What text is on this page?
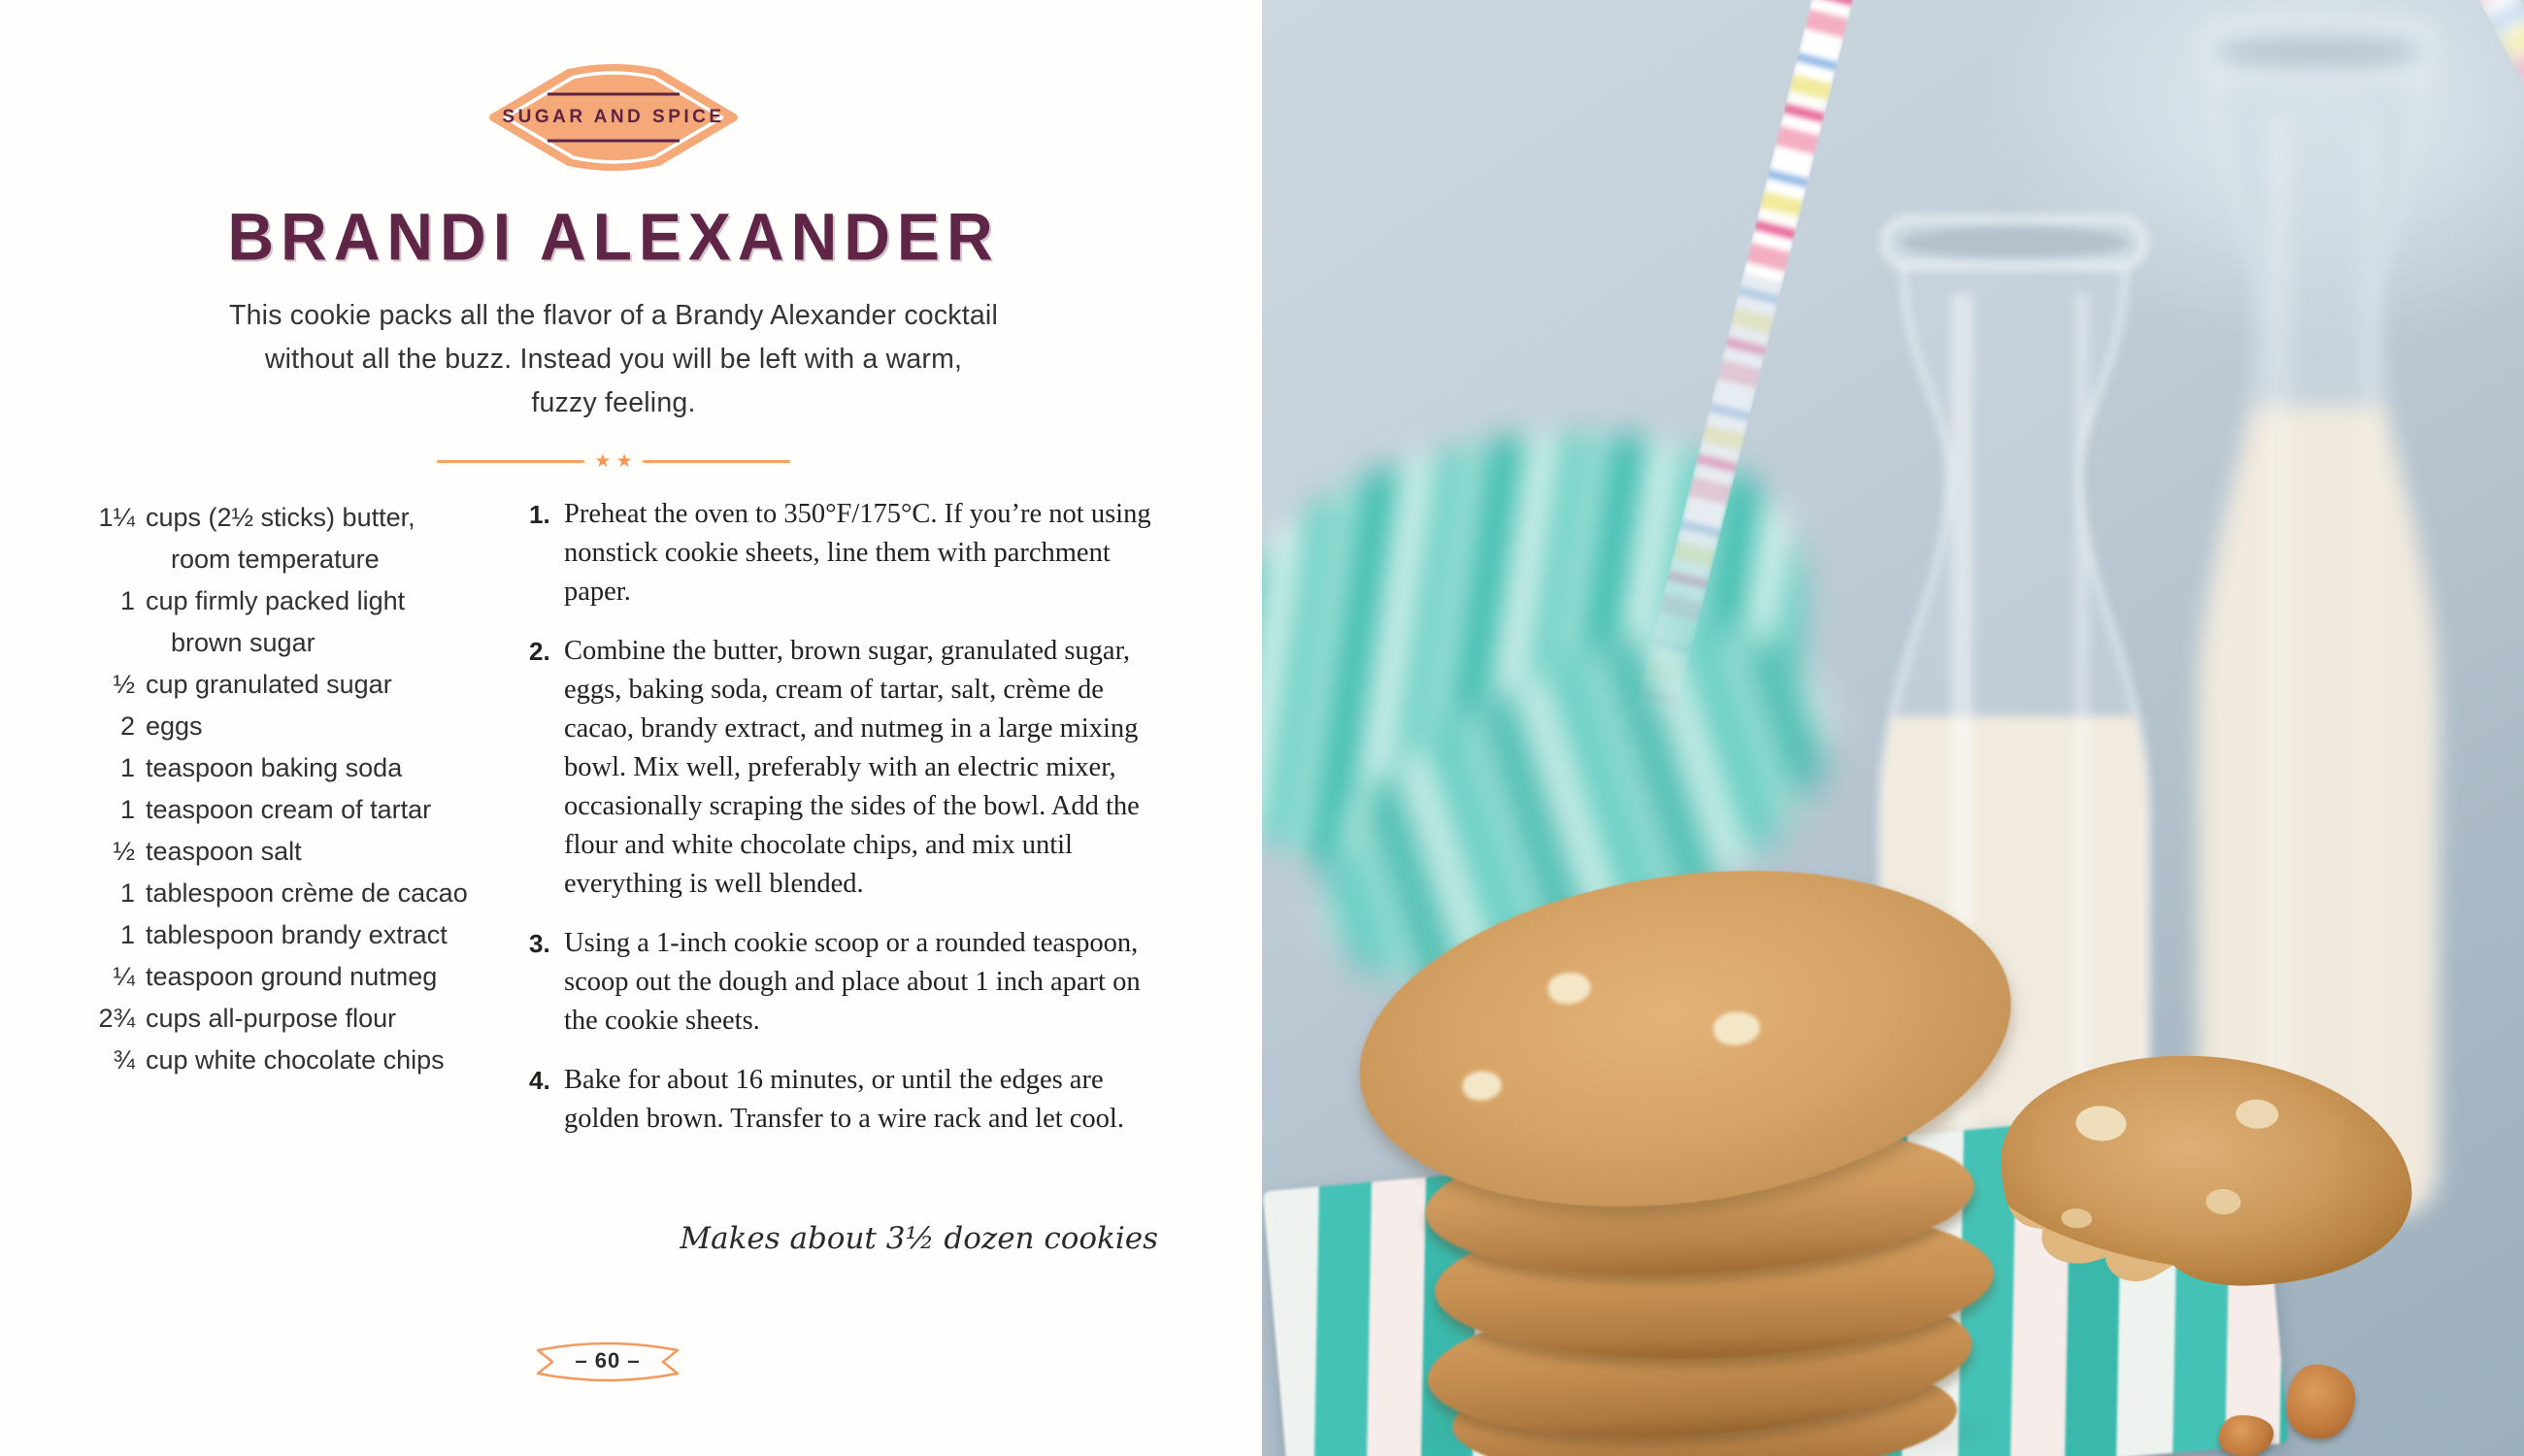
SUGAR AND SPICE
BRANDI ALEXANDER
This cookie packs all the flavor of a Brandy Alexander cocktail
without all the buzz. Instead you will be left with a warm,
fuzzy feeling.
★ ★
1¼ cups (2½ sticks) butter, room temperature
1 cup firmly packed light brown sugar
½ cup granulated sugar
2 eggs
1 teaspoon baking soda
1 teaspoon cream of tartar
½ teaspoon salt
1 tablespoon crème de cacao
1 tablespoon brandy extract
¼ teaspoon ground nutmeg
2¾ cups all-purpose flour
¾ cup white chocolate chips
1. Preheat the oven to 350°F/175°C. If you’re not using nonstick cookie sheets, line them with parchment paper.
2. Combine the butter, brown sugar, granulated sugar, eggs, baking soda, cream of tartar, salt, crème de cacao, brandy extract, and nutmeg in a large mixing bowl. Mix well, preferably with an electric mixer, occasionally scraping the sides of the bowl. Add the flour and white chocolate chips, and mix until everything is well blended.
3. Using a 1-inch cookie scoop or a rounded teaspoon, scoop out the dough and place about 1 inch apart on the cookie sheets.
4. Bake for about 16 minutes, or until the edges are golden brown. Transfer to a wire rack and let cool.
Makes about 3½ dozen cookies
– 60 –
